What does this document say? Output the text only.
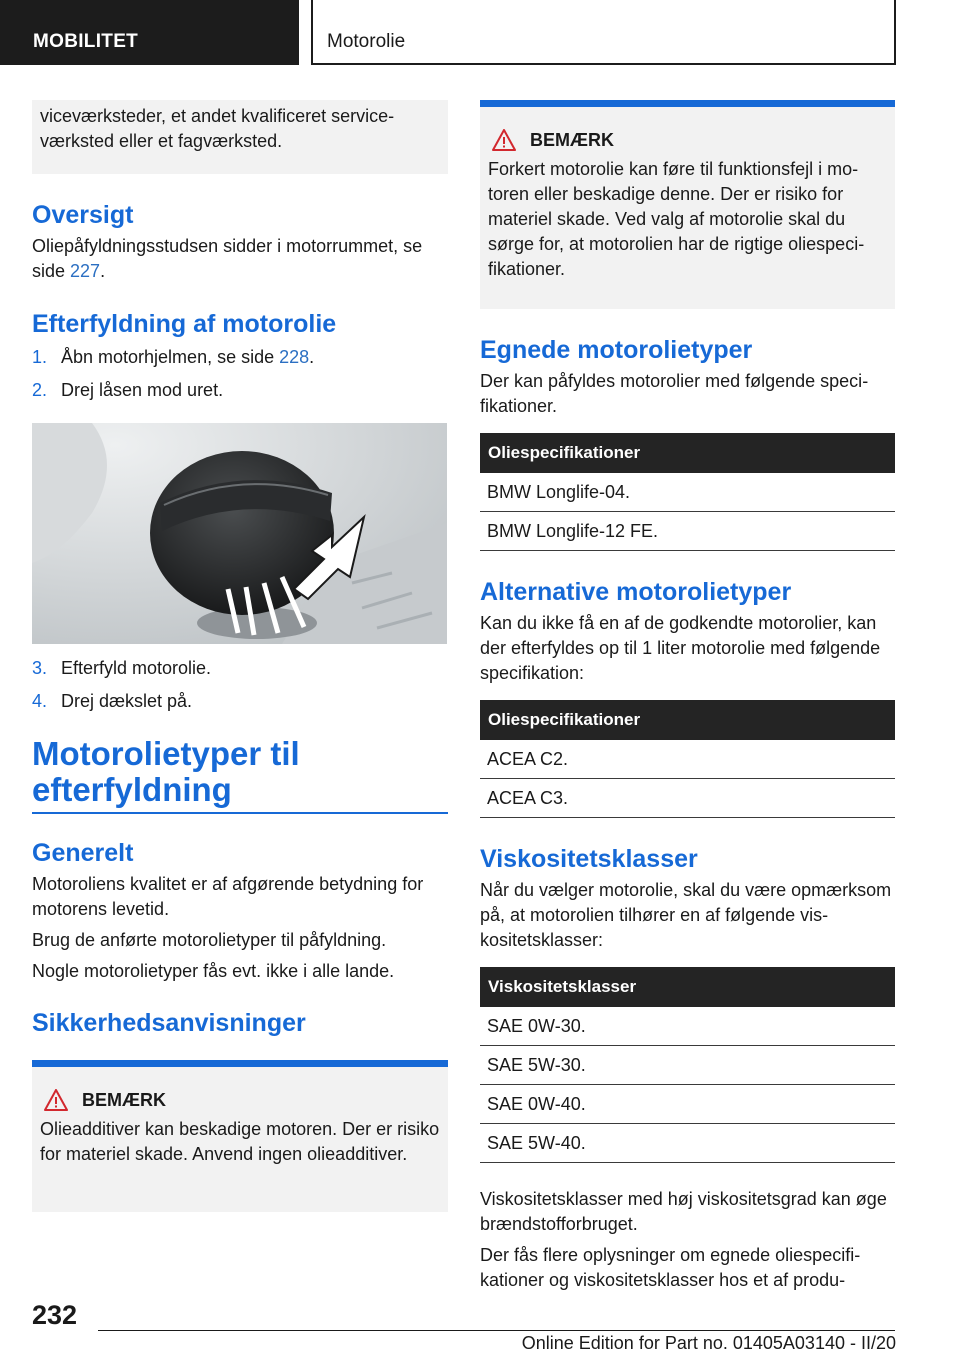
MOBILITET	Motorolie

viceværksteder, et andet kvalificeret serviceværksted eller et fagværksted.

Oversigt

Oliepåfyldningsstudsen sidder i motorrummet, se side 227.

Efterfyldning af motorolie
1. Åbn motorhjelmen, se side 228.
2. Drej låsen mod uret.
3. Efterfyld motorolie.
4. Drej dækslet på.
Motorolietyper til efterfyldning
Generelt

Motoroliens kvalitet er af afgørende betydning for motorens levetid.

Brug de anførte motorolietyper til påfyldning.

Nogle motorolietyper fås evt. ikke i alle lande.

Sikkerhedsanvisninger
BEMÆRK

Olieadditiver kan beskadige motoren. Der er risiko for materiel skade. Anvend ingen olieadditiver.

BEMÆRK

Forkert motorolie kan føre til funktionsfejl i motoren eller beskadige denne. Der er risiko for materiel skade. Ved valg af motorolie skal du sørge for, at motorolien har de rigtige oliespecifikationer.

Egnede motorolietyper

Der kan påfyldes motorolier med følgende specifikationer.

Oliespecifikationer
BMW Longlife-04.
BMW Longlife-12 FE.
Alternative motorolietyper

Kan du ikke få en af de godkendte motorolier, kan der efterfyldes op til 1 liter motorolie med følgende specifikation:

Oliespecifikationer
ACEA C2.
ACEA C3.
Viskositetsklasser

Når du vælger motorolie, skal du være opmærksom på, at motorolien tilhører en af følgende viskositetsklasser:

Viskositetsklasser
SAE 0W-30.
SAE 5W-30.
SAE 0W-40.
SAE 5W-40.

Viskositetsklasser med høj viskositetsgrad kan øge brændstofforbruget.

Der fås flere oplysninger om egnede oliespecifikationer og viskositetsklasser hos et af produ-

232
Online Edition for Part no. 01405A03140 - II/20
